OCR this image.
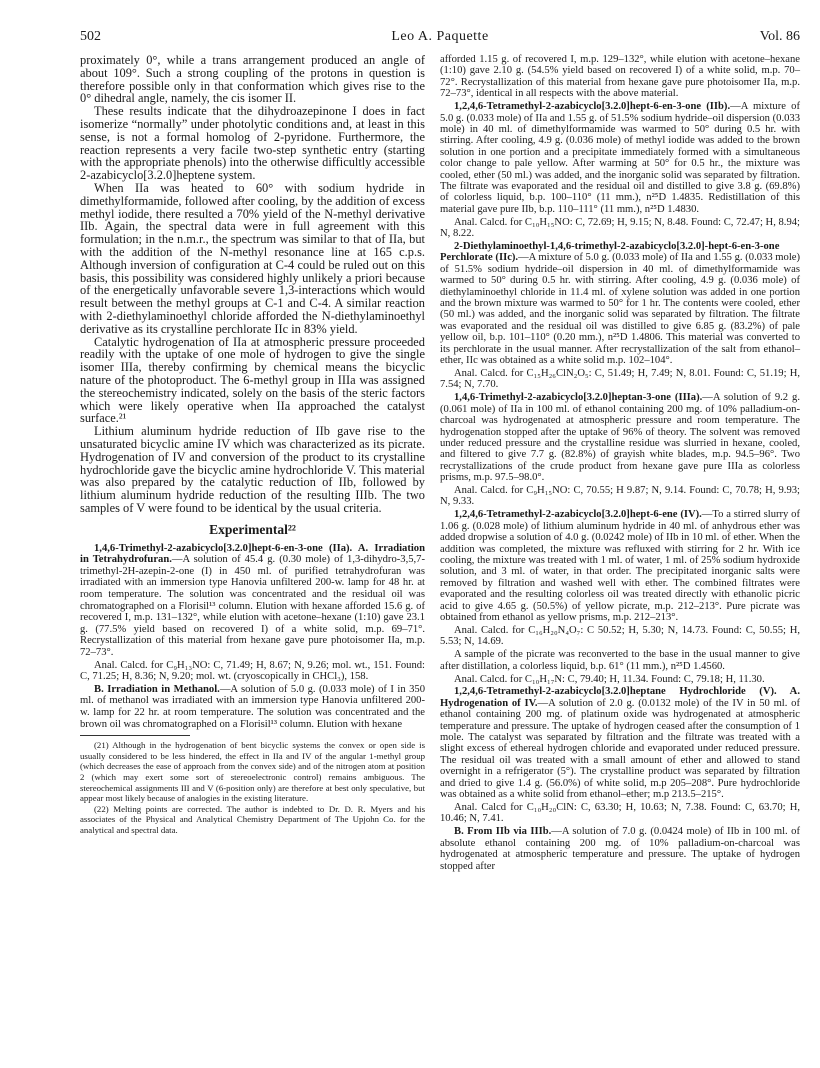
502	Leo A. Paquette	Vol. 86

proximately 0°, while a trans arrangement produced an angle of about 109°. Such a strong coupling of the protons in question is therefore possible only in that conformation which gives rise to the 0° dihedral angle, namely, the cis isomer II.

These results indicate that the dihydroazepinone I does in fact isomerize “normally” under photolytic conditions and, at least in this sense, is not a formal homolog of 2-pyridone. Furthermore, the reaction represents a very facile two-step synthetic entry (starting with the appropriate phenols) into the otherwise difficultly accessible 2-azabicyclo[3.2.0]heptene system.

When IIa was heated to 60° with sodium hydride in dimethylformamide, followed after cooling, by the addition of excess methyl iodide, there resulted a 70% yield of the N-methyl derivative IIb. Again, the spectral data were in full agreement with this formulation; in the n.m.r., the spectrum was similar to that of IIa, but with the addition of the N-methyl resonance line at 165 c.p.s. Although inversion of configuration at C-4 could be ruled out on this basis, this possibility was considered highly unlikely a priori because of the energetically unfavorable severe 1,3-interactions which would result between the methyl groups at C-1 and C-4. A similar reaction with 2-diethylaminoethyl chloride afforded the N-diethylaminoethyl derivative as its crystalline perchlorate IIc in 83% yield.

Catalytic hydrogenation of IIa at atmospheric pressure proceeded readily with the uptake of one mole of hydrogen to give the single isomer IIIa, thereby confirming by chemical means the bicyclic nature of the photoproduct. The 6-methyl group in IIIa was assigned the stereochemistry indicated, solely on the basis of the steric factors which were likely operative when IIa approached the catalyst surface.²¹

Lithium aluminum hydride reduction of IIb gave rise to the unsaturated bicyclic amine IV which was characterized as its picrate. Hydrogenation of IV and conversion of the product to its crystalline hydrochloride gave the bicyclic amine hydrochloride V. This material was also prepared by the catalytic reduction of IIb, followed by lithium aluminum hydride reduction of the resulting IIIb. The two samples of V were found to be identical by the usual criteria.

Experimental²²

1,4,6-Trimethyl-2-azabicyclo[3.2.0]hept-6-en-3-one (IIa). A. Irradiation in Tetrahydrofuran.—A solution of 45.4 g. (0.30 mole) of 1,3-dihydro-3,5,7-trimethyl-2H-azepin-2-one (I) in 450 ml. of purified tetrahydrofuran was irradiated with an immersion type Hanovia unfiltered 200-w. lamp for 48 hr. at room temperature. The solution was concentrated and the residual oil was chromatographed on a Florisil¹³ column. Elution with hexane afforded 15.6 g. of recovered I, m.p. 131–132°, while elution with acetone–hexane (1:10) gave 23.1 g. (77.5% yield based on recovered I) of a white solid, m.p. 69–71°. Recrystallization of this material from hexane gave pure photoisomer IIa, m.p. 72–73°.

Anal. Calcd. for C₉H₁₃NO: C, 71.49; H, 8.67; N, 9.26; mol. wt., 151. Found: C, 71.25; H, 8.36; N, 9.20; mol. wt. (cryoscopically in CHCl₃), 158.

B. Irradiation in Methanol.—A solution of 5.0 g. (0.033 mole) of I in 350 ml. of methanol was irradiated with an immersion type Hanovia unfiltered 200-w. lamp for 22 hr. at room temperature. The solution was concentrated and the brown oil was chromatographed on a Florisil¹³ column. Elution with hexane

(21) Although in the hydrogenation of bent bicyclic systems the convex or open side is usually considered to be less hindered, the effect in IIa and IV of the angular 1-methyl group (which decreases the ease of approach from the convex side) and of the nitrogen atom at position 2 (which may exert some sort of stereoelectronic control) remains ambiguous. The stereochemical assignments III and V (6-position only) are therefore at best only speculative, but appear most likely because of analogies in the existing literature.

(22) Melting points are corrected. The author is indebted to Dr. D. R. Myers and his associates of the Physical and Analytical Chemistry Department of The Upjohn Co. for the analytical and spectral data.

afforded 1.15 g. of recovered I, m.p. 129–132°, while elution with acetone–hexane (1:10) gave 2.10 g. (54.5% yield based on recovered I) of a white solid, m.p. 70–72°. Recrystallization of this material from hexane gave pure photoisomer IIa, m.p. 72–73°, identical in all respects with the above material.

1,2,4,6-Tetramethyl-2-azabicyclo[3.2.0]hept-6-en-3-one (IIb).—A mixture of 5.0 g. (0.033 mole) of IIa and 1.55 g. of 51.5% sodium hydride–oil dispersion (0.033 mole) in 40 ml. of dimethylformamide was warmed to 50° during 0.5 hr. with stirring. After cooling, 4.9 g. (0.036 mole) of methyl iodide was added to the brown solution in one portion and a precipitate immediately formed with a simultaneous color change to pale yellow. After warming at 50° for 0.5 hr., the mixture was cooled, ether (50 ml.) was added, and the inorganic solid was separated by filtration. The filtrate was evaporated and the residual oil and distilled to give 3.8 g. (69.8%) of colorless liquid, b.p. 100–110° (11 mm.), n²⁵D 1.4835. Redistillation of this material gave pure IIb, b.p. 110–111° (11 mm.), n²⁵D 1.4830.

Anal. Calcd. for C₁₀H₁₅NO: C, 72.69; H, 9.15; N, 8.48. Found: C, 72.47; H, 8.94; N, 8.22.

2-Diethylaminoethyl-1,4,6-trimethyl-2-azabicyclo[3.2.0]-hept-6-en-3-one Perchlorate (IIc).—A mixture of 5.0 g. (0.033 mole) of IIa and 1.55 g. (0.033 mole) of 51.5% sodium hydride–oil dispersion in 40 ml. of dimethylformamide was warmed to 50° during 0.5 hr. with stirring. After cooling, 4.9 g. (0.036 mole) of diethylaminoethyl chloride in 11.4 ml. of xylene solution was added in one portion and the brown mixture was warmed to 50° for 1 hr. The contents were cooled, ether (50 ml.) was added, and the inorganic solid was separated by filtration. The filtrate was evaporated and the residual oil was distilled to give 6.85 g. (83.2%) of pale yellow oil, b.p. 101–110° (0.20 mm.), n²⁵D 1.4806. This material was converted to its perchlorate in the usual manner. After recrystallization of the salt from ethanol–ether, IIc was obtained as a white solid m.p. 102–104°.

Anal. Calcd. for C₁₅H₂₆ClN₂O₅: C, 51.49; H, 7.49; N, 8.01. Found: C, 51.19; H, 7.54; N, 7.70.

1,4,6-Trimethyl-2-azabicyclo[3.2.0]heptan-3-one (IIIa).—A solution of 9.2 g. (0.061 mole) of IIa in 100 ml. of ethanol containing 200 mg. of 10% palladium-on-charcoal was hydrogenated at atmospheric pressure and room temperature. The hydrogenation stopped after the uptake of 96% of theory. The solvent was removed under reduced pressure and the crystalline residue was slurried in hexane, cooled, and filtered to give 7.7 g. (82.8%) of grayish white blades, m.p. 94.5–96°. Two recrystallizations of the crude product from hexane gave pure IIIa as colorless prisms, m.p. 97.5–98.0°.

Anal. Calcd. for C₉H₁₅NO: C, 70.55; H 9.87; N, 9.14. Found: C, 70.78; H, 9.93; N, 9.33.

1,2,4,6-Tetramethyl-2-azabicyclo[3.2.0]hept-6-ene (IV).—To a stirred slurry of 1.06 g. (0.028 mole) of lithium aluminum hydride in 40 ml. of anhydrous ether was added dropwise a solution of 4.0 g. (0.0242 mole) of IIb in 10 ml. of ether. When the addition was completed, the mixture was refluxed with stirring for 2 hr. With ice cooling, the mixture was treated with 1 ml. of water, 1 ml. of 25% sodium hydroxide solution, and 3 ml. of water, in that order. The precipitated inorganic salts were removed by filtration and washed well with ether. The combined filtrates were evaporated and the resulting colorless oil was treated directly with ethanolic picric acid to give 4.65 g. (50.5%) of yellow picrate, m.p. 212–213°. Pure picrate was obtained from ethanol as yellow prisms, m.p. 212–213°.

Anal. Calcd. for C₁₆H₂₀N₄O₇: C 50.52; H, 5.30; N, 14.73. Found: C, 50.55; H, 5.53; N, 14.69.

A sample of the picrate was reconverted to the base in the usual manner to give after distillation, a colorless liquid, b.p. 61° (11 mm.), n²⁵D 1.4560.

Anal. Calcd. for C₁₀H₁₇N: C, 79.40; H, 11.34. Found: C, 79.18; H, 11.30.

1,2,4,6-Tetramethyl-2-azabicyclo[3.2.0]heptane Hydrochloride (V). A. Hydrogenation of IV.—A solution of 2.0 g. (0.0132 mole) of the IV in 50 ml. of ethanol containing 200 mg. of platinum oxide was hydrogenated at atmospheric temperature and pressure. The uptake of hydrogen ceased after the consumption of 1 mole. The catalyst was separated by filtration and the filtrate was treated with a slight excess of ethereal hydrogen chloride and evaporated under reduced pressure. The residual oil was treated with a small amount of ether and allowed to stand overnight in a refrigerator (5°). The crystalline product was separated by filtration and dried to give 1.4 g. (56.0%) of white solid, m.p 205–208°. Pure hydrochloride was obtained as a white solid from ethanol–ether; m.p 213.5–215°.

Anal. Calcd for C₁₀H₂₀ClN: C, 63.30; H, 10.63; N, 7.38. Found: C, 63.70; H, 10.46; N, 7.41.

B. From IIb via IIIb.—A solution of 7.0 g. (0.0424 mole) of IIb in 100 ml. of absolute ethanol containing 200 mg. of 10% palladium-on-charcoal was hydrogenated at atmospheric temperature and pressure. The uptake of hydrogen stopped after
